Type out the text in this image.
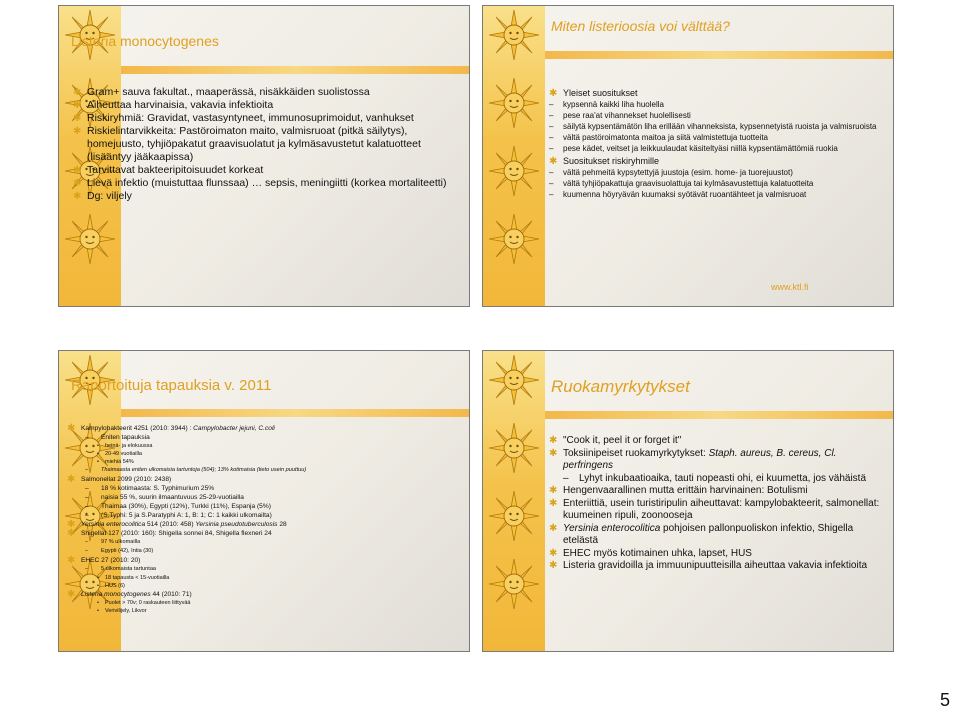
Listeria monocytogenes
✱ Gram+ sauva fakultat., maaperässä, nisäkkäiden suolistossa
✱ Aiheuttaa harvinaisia, vakavia infektioita
✱ Riskiryhmiä: Gravidat, vastasyntyneet, immunosuprimoidut, vanhukset
✱ Riskielintarvikkeita: Pastöroimaton maito, valmisruoat (pitkä säilytys), homejuusto, tyhjiöpakatut graavisuolatut ja kylmäsavustetut kalatuotteet (lisääntyy jääkaapissa)
✱ Tarvittavat bakteeripitoisuudet korkeat
✱ Lievä infektio (muistuttaa flunssaa) … sepsis, meningiitti (korkea mortaliteetti)
✱ Dg: viljely
Miten listerioosia voi välttää?
✱ Yleiset suositukset
– kypsennä kaikki liha huolella
– pese raa'at vihannekset huolellisesti
– säilytä kypsentämätön liha erillään vihanneksista, kypsennetyistä ruoista ja valmisruoista
– vältä pastöroimatonta maitoa ja siitä valmistettuja tuotteita
– pese kädet, veitset ja leikkuulaudat käsiteltyäsi niillä kypsentämättömiä ruokia
✱ Suositukset riskiryhmille
– vältä pehmeitä kypsytettyjä juustoja (esim. home- ja tuorejuustot)
– vältä tyhjiöpakattuja graavisuolattuja tai kylmäsavustettuja kalatuotteita
– kuumenna höyryävän kuumaksi syötävät ruoantähteet ja valmisruoat
www.ktl.fi
Raportoituja tapauksia v. 2011
✱ Kampylobakteerit 4251 (2010: 3944) : Campylobacter jejuni, C.coli
– Eniten tapauksia
• heinä- ja elokuussa
• 20-49 vuotiailla
• miehiä 54%
– Thaimaasta eniten ulkomaisia tartuntoja (504); 13% kotimaisia (tieto usein puuttuu)
✱ Salmonellat 2099 (2010: 2438)
– 18 % kotimaasta: S. Typhimurium 25%
– naisia 55 %, suurin ilmaantuvuus 25-29-vuotiailla
– Thaimaa (30%), Egypti (12%), Turkki (11%), Espanja (5%)
– (S.Typhi: 5 ja S.Paratyphi A: 1, B: 1; C: 1 kaikki ulkomailta)
✱ Yersinia enterocolitica 514 (2010: 458) Yersinia pseudotuberculosis 28
✱ Shigellat 127 (2010: 160): Shigella sonnei 84, Shigella flexneri 24
– 97 % ulkomailla
– Egypti (42), Intia (30)
✱ EHEC 27 (2010: 20)
– 5 ulkomaista tartuntaa
• 18 tapausta < 15-vuotiailla
• HUS (6)
✱ Listeria monocytogenes 44 (2010: 71)
• Puolet > 70v; 0 raskauteen liittyvää
• Verivilijely, Likvor
Ruokamyrkytykset
✱ "Cook it, peel it or forget it"
✱ Toksiinipeiset ruokamyrkytykset: Staph. aureus, B. cereus, Cl. perfringens
– Lyhyt inkubaatioaika, tauti nopeasti ohi, ei kuumetta, jos vähäistä
✱ Hengenvaarallinen mutta erittäin harvinainen: Botulismi
✱ Enteriittiä, usein turistiripulin aiheuttavat: kampylobakteerit, salmonellat: kuumeinen ripuli, zoonooseja
✱ Yersinia enterocolitica pohjoisen pallonpuoliskon infektio, Shigella etelästä
✱ EHEC myös kotimainen uhka, lapset, HUS
✱ Listeria gravidoilla ja immuunipuutteisilla aiheuttaa vakavia infektioita
5
